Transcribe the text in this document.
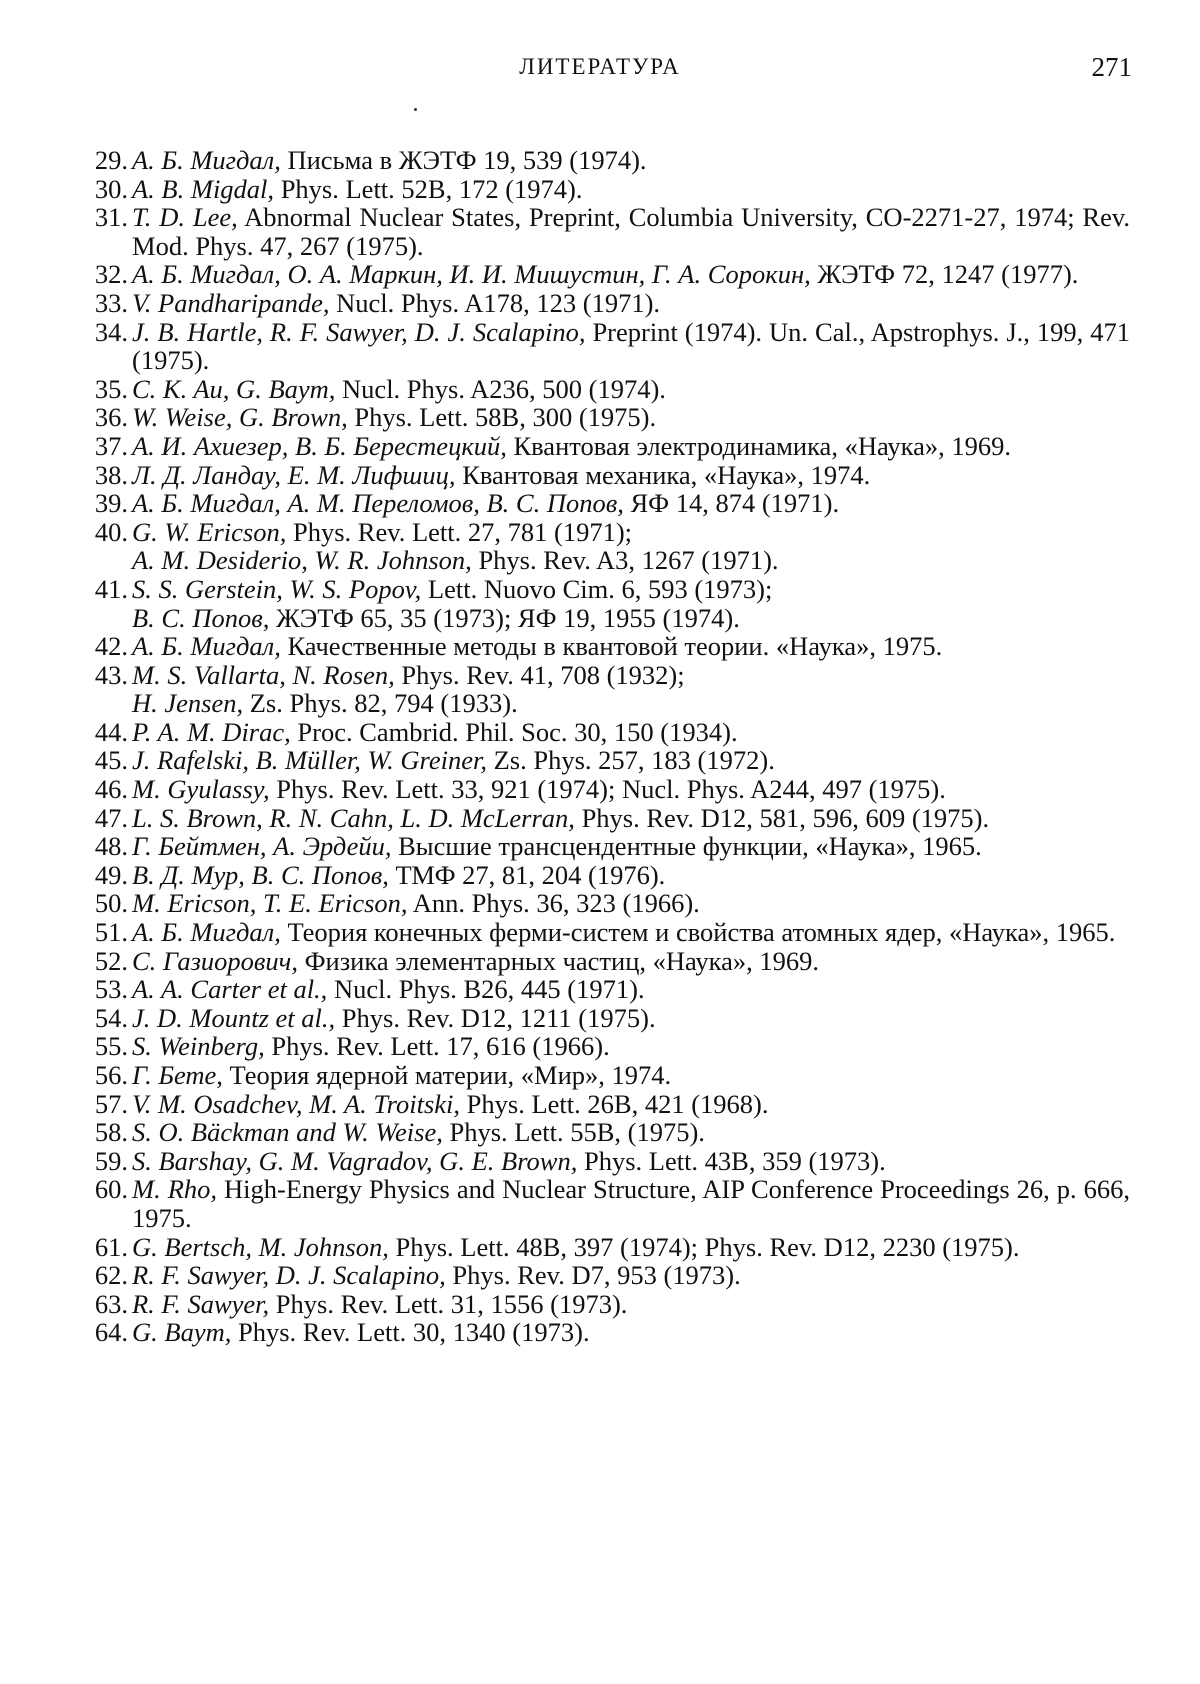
ЛИТЕРАТУРА	271
29. А. Б. Мигдал, Письма в ЖЭТФ 19, 539 (1974).
30. A. B. Migdal, Phys. Lett. 52B, 172 (1974).
31. T. D. Lee, Abnormal Nuclear States, Preprint, Columbia University, CO-2271-27, 1974; Rev. Mod. Phys. 47, 267 (1975).
32. А. Б. Мигдал, О. А. Маркин, И. И. Мишустин, Г. А. Сорокин, ЖЭТФ 72, 1247 (1977).
33. V. Pandharipande, Nucl. Phys. A178, 123 (1971).
34. J. B. Hartle, R. F. Sawyer, D. J. Scalapino, Preprint (1974). Un. Cal., Apstrophys. J., 199, 471 (1975).
35. C. K. Au, G. Baym, Nucl. Phys. A236, 500 (1974).
36. W. Weise, G. Brown, Phys. Lett. 58B, 300 (1975).
37. А. И. Ахиезер, В. Б. Берестецкий, Квантовая электродинамика, «Наука», 1969.
38. Л. Д. Ландау, Е. М. Лифшиц, Квантовая механика, «Наука», 1974.
39. А. Б. Мигдал, А. М. Переломов, В. С. Попов, ЯФ 14, 874 (1971).
40. G. W. Ericson, Phys. Rev. Lett. 27, 781 (1971);
A. M. Desiderio, W. R. Johnson, Phys. Rev. A3, 1267 (1971).
41. S. S. Gerstein, W. S. Popov, Lett. Nuovo Cim. 6, 593 (1973);
В. С. Попов, ЖЭТФ 65, 35 (1973); ЯФ 19, 1955 (1974).
42. А. Б. Мигдал, Качественные методы в квантовой теории. «Наука», 1975.
43. M. S. Vallarta, N. Rosen, Phys. Rev. 41, 708 (1932);
H. Jensen, Zs. Phys. 82, 794 (1933).
44. P. A. M. Dirac, Proc. Cambrid. Phil. Soc. 30, 150 (1934).
45. J. Rafelski, B. Müller, W. Greiner, Zs. Phys. 257, 183 (1972).
46. M. Gyulassy, Phys. Rev. Lett. 33, 921 (1974); Nucl. Phys. A244, 497 (1975).
47. L. S. Brown, R. N. Cahn, L. D. McLerran, Phys. Rev. D12, 581, 596, 609 (1975).
48. Г. Бейтмен, А. Эрдейи, Высшие трансцендентные функции, «Наука», 1965.
49. В. Д. Мур, В. С. Попов, ТМФ 27, 81, 204 (1976).
50. M. Ericson, T. E. Ericson, Ann. Phys. 36, 323 (1966).
51. А. Б. Мигдал, Теория конечных ферми-систем и свойства атомных ядер, «Наука», 1965.
52. С. Газиорович, Физика элементарных частиц, «Наука», 1969.
53. A. A. Carter et al., Nucl. Phys. B26, 445 (1971).
54. J. D. Mountz et al., Phys. Rev. D12, 1211 (1975).
55. S. Weinberg, Phys. Rev. Lett. 17, 616 (1966).
56. Г. Бете, Теория ядерной материи, «Мир», 1974.
57. V. M. Osadchev, M. A. Troitski, Phys. Lett. 26B, 421 (1968).
58. S. O. Bäckman and W. Weise, Phys. Lett. 55B, (1975).
59. S. Barshay, G. M. Vagradov, G. E. Brown, Phys. Lett. 43B, 359 (1973).
60. M. Rho, High-Energy Physics and Nuclear Structure, AIP Conference Proceedings 26, p. 666, 1975.
61. G. Bertsch, M. Johnson, Phys. Lett. 48B, 397 (1974); Phys. Rev. D12, 2230 (1975).
62. R. F. Sawyer, D. J. Scalapino, Phys. Rev. D7, 953 (1973).
63. R. F. Sawyer, Phys. Rev. Lett. 31, 1556 (1973).
64. G. Baym, Phys. Rev. Lett. 30, 1340 (1973).
